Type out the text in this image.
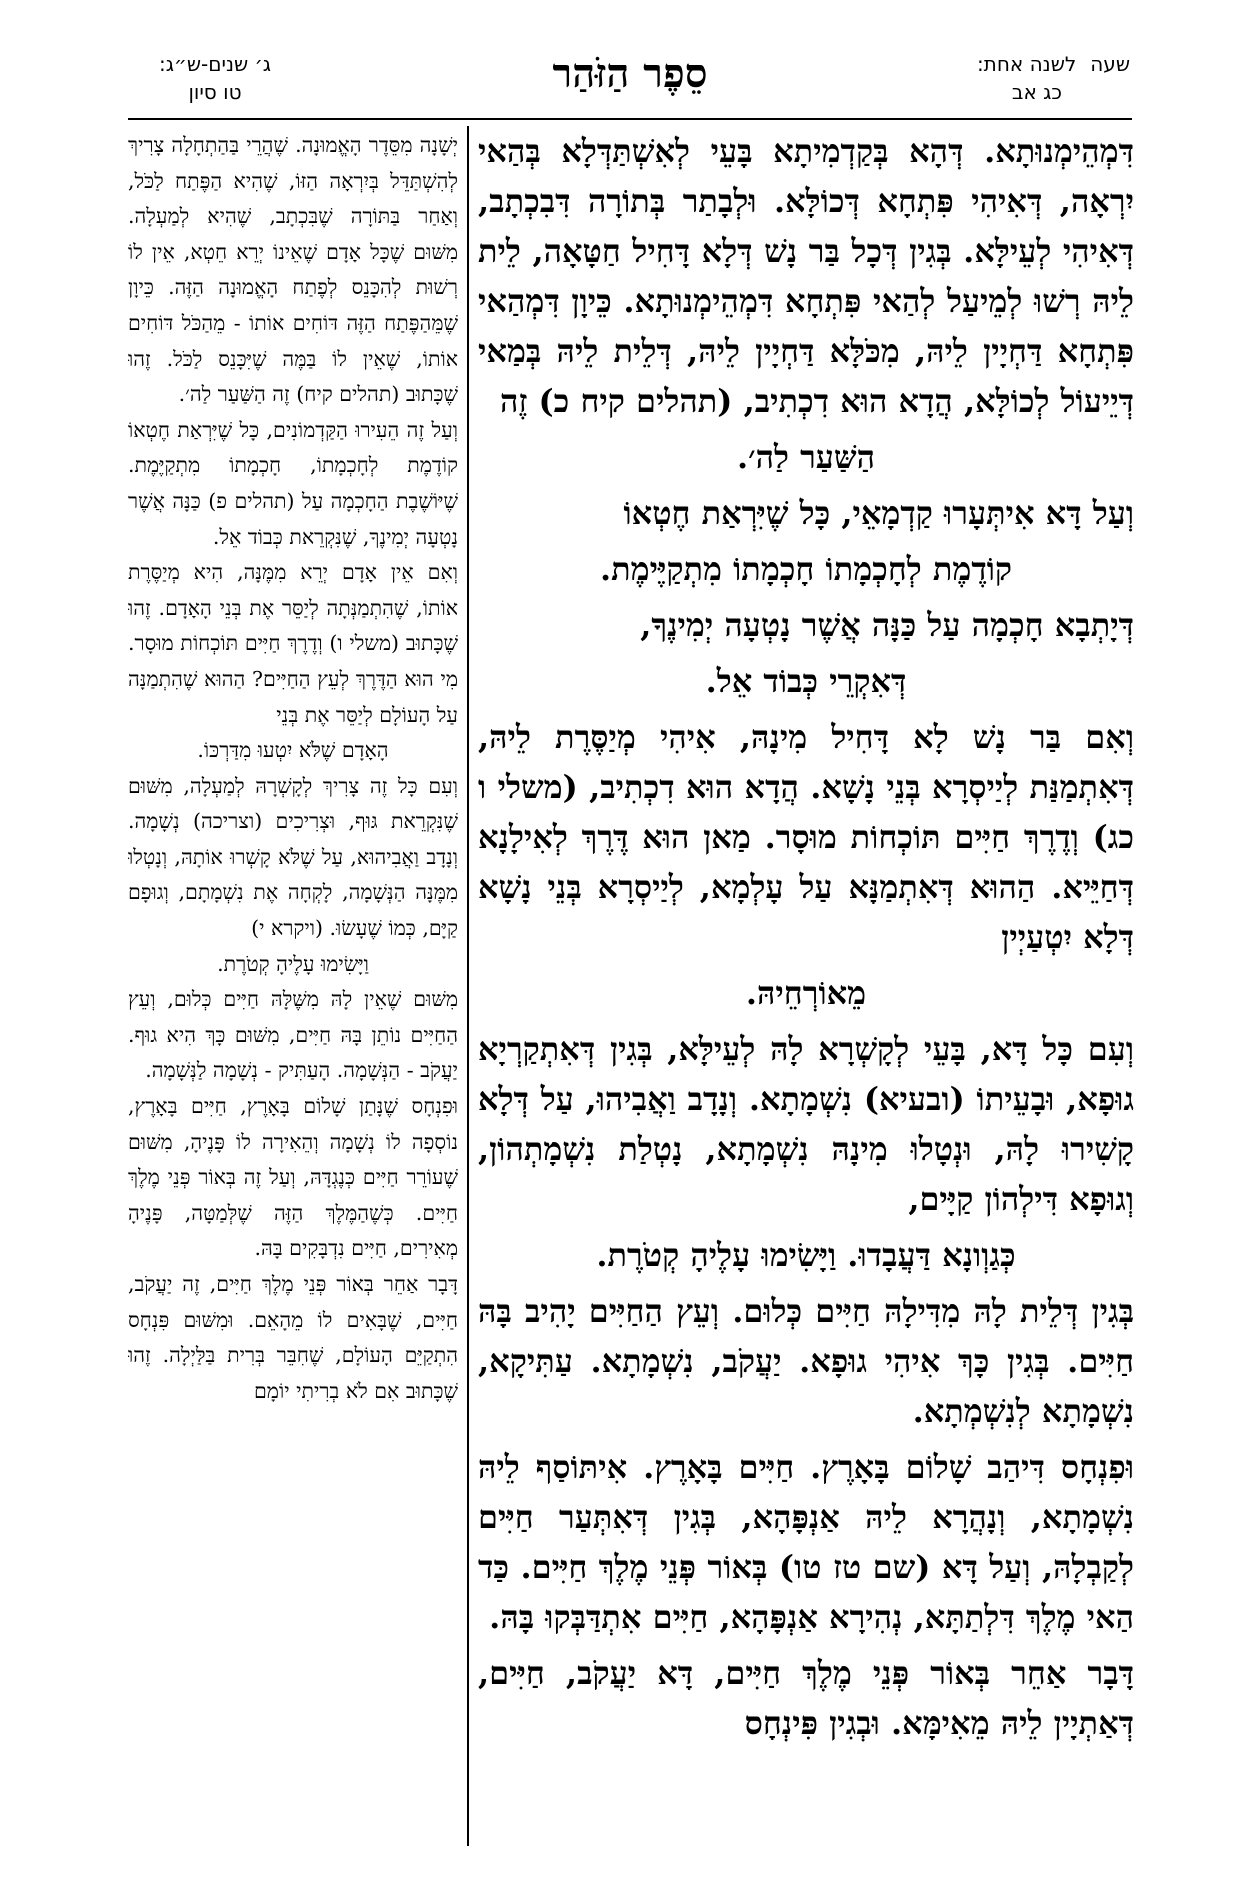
שעה
לשנה אחת:
כג אב
סֵפֶר הַזֹּהַר
ג׳ שנים-ש״ג:
טו סיון

דִּמְהֵימְנוּתָא. דְּהָא בְּקַדְמִיתָא בָּעֵי לְאִשְׁתַּדְּלָא בְּהַאי יִרְאָה, דְּאִיהִי פִּתְחָא דְּכוֹלָּא. וּלְבָתַר בְּתוֹרָה דִּבִכְתָב, דְּאִיהִי לְעֵילָּא. בְּגִין דְּכָל בַּר נָשׁ דְּלָא דָּחִיל חַטָּאָה, לֵית לֵיהּ רְשׁוּ לְמֵיעַל לְהַאי פִּתְחָא דִּמְהֵימְנוּתָא. כֵּיוָן דִּמְהַאי פִּתְחָא דַּחְיָין לֵיהּ, מִכֹּלָּא דַּחְיָין לֵיהּ, דְּלֵית לֵיהּ בְּמַאי דְּיֵיעוֹל לְכוֹלָּא, הֲדָא הוּא דִכְתִיב, (תהלים קיח כ) זֶה

הַשַּׁעַר לַה׳.

וְעַל דָּא אִיתְּעָרוּ קַדְמָאֵי, כָּל שֶׁיִּרְאַת חֶטְאוֹ

קוֹדֶמֶת לְחָכְמָתוֹ חָכְמָתוֹ מִתְקַיֶּימֶת.

דְּיָתְבָא חָכְמָה עַל כַּנָּה אֲשֶׁר נָטְעָה יְמִינֶךָ,

דְּאִקְרֵי כְּבוֹד אֵל.

וְאִם בַּר נָשׁ לָא דָּחִיל מִינָהּ, אִיהִי מְיַסֶּרֶת לֵיהּ, דְּאִתְמַנַּת לְיַיסְרָא בְּנֵי נָשָׁא. הֲדָא הוּא דִכְתִיב, (משלי ו כג) וְדֶרֶךְ חַיִּים תּוֹכְחוֹת מוּסָר. מַאן הוּא דֶּרֶךְ לְאִילָנָא דְּחַיֵּיא. הַהוּא דְּאִתְמַנָּא עַל עָלְמָא, לְיַיסְרָא בְּנֵי נָשָׁא דְּלָא יִטְעַיְין

מֵאוֹרְחֵיהּ.

וְעִם כָּל דָּא, בָּעֵי לְקָשְׁרָא לָהּ לְעֵילָּא, בְּגִין דְּאִתְקַרְיָא גוּפָא, וּבָעֵיתוֹ (ובעיא) נִשְׁמָתָא. וְנָדָב וַאֲבִיהוּ, עַל דְּלָא קָשִׁירוּ לָהּ, וּנְטָלוּ מִינָהּ נִשְׁמָתָא, נָטְלַת נִשְׁמָתְהוֹן, וְגוּפָא דִּילְהוֹן קַיָּים,

כְּגַוְונָא דַּעֲבָדוּ. וַיָּשִׂימוּ עָלֶיהָ קְטֹרֶת.

בְּגִין דְּלֵית לָהּ מִדִּילָהּ חַיִּים כְּלוּם. וְעֵץ הַחַיִּים יָהִיב בָּהּ חַיִּים. בְּגִין כָּךְ אִיהִי גוּפָא. יַעֲקֹב, נִשְׁמָתָא. עַתִּיקָא, נִשְׁמָתָא לְנִשְׁמְתָא.

וּפִנְחָס דִּיהַב שָׁלוֹם בָּאָרֶץ. חַיִּים בָּאָרֶץ. אִיתּוֹסַף לֵיהּ נִשְׁמָתָא, וְנָהֲרָא לֵיהּ אַנְפָּהָא, בְּגִין דְּאִתְּעַר חַיִּים לְקַבְלָהּ, וְעַל דָּא (שם טז טו) בְּאוֹר פְּנֵי מֶלֶךְ חַיִּים. כַּד הַאי מֶלֶךְ דִּלְתַתָּא, נְהִירָא אַנְפָּהָא, חַיִּים אִתְדַּבְּקוּ בָּהּ.

דָּבָר אַחֵר בְּאוֹר פְּנֵי מֶלֶךְ חַיִּים, דָּא יַעֲקֹב, חַיִּים, דְּאַתְיָין לֵיהּ מֵאִימָּא. וּבְגִין פִּינְחָס

יְשָׁנָה מִסֵּדֶר הָאֱמוּנָה. שֶׁהֲרֵי בַּהַתְחָלָה צָרִיךְ לְהִשְׁתַּדֵּל בְּיִרְאָה הַזּוֹ, שֶׁהִיא הַפֶּתַח לַכֹּל, וְאַחַר בַּתּוֹרָה שֶׁבִּכְתָב, שֶׁהִיא לְמַעְלָה. מִשּׁוּם שֶׁכָּל אָדָם שֶׁאֵינוֹ יְרֵא חֵטְא, אֵין לוֹ רְשׁוּת לְהִכָּנֵס לְפֶתַח הָאֱמוּנָה הַזֶּה. כֵּיוָן שֶׁמֵּהַפֶּתַח הַזֶּה דּוֹחִים אוֹתוֹ - מֵהַכֹּל דּוֹחִים אוֹתוֹ, שֶׁאֵין לוֹ בַּמֶּה שֶׁיִּכָּנֵס לַכֹּל. זֶהוּ שֶׁכָּתוּב (תהלים קיח) זֶה הַשַּׁעַר לַה׳.

וְעַל זֶה הֵעִירוּ הַקַּדְמוֹנִים, כָּל שֶׁיִּרְאַת חֶטְאוֹ קוֹדֶמֶת לְחָכְמָתוֹ, חָכְמָתוֹ מִתְקַיֶּמֶת. שֶׁיּוֹשֶׁבֶת הַחָכְמָה עַל (תהלים פ) כַּנָּה אֲשֶׁר נָטְעָה יְמִינֶךָ, שֶׁנִּקְרֵאת כְּבוֹד אֵל.

וְאִם אֵין אָדָם יְרֵא מִמֶּנָּה, הִיא מְיַסֶּרֶת אוֹתוֹ, שֶׁהִתְמַנְּתָה לְיַסֵּר אֶת בְּנֵי הָאָדָם. זֶהוּ שֶׁכָּתוּב (משלי ו) וְדֶרֶךְ חַיִּים תּוֹכְחוֹת מוּסָר. מִי הוּא הַדֶּרֶךְ לְעֵץ הַחַיִּים? הַהוּא שֶׁהִתְמַנָּה עַל הָעוֹלָם לְיַסֵּר אֶת בְּנֵי

הָאָדָם שֶׁלֹּא יִטְעוּ מִדַּרְכּוֹ.

וְעִם כָּל זֶה צָרִיךְ לְקָשְׁרָהּ לְמַעְלָה, מִשּׁוּם שֶׁנִּקְרֵאת גּוּף, וּצְרִיכִים (וצריכה) נְשָׁמָה. וְנָדָב וַאֲבִיהוּא, עַל שֶׁלֹּא קָשְׁרוּ אוֹתָהּ, וְנָטְלוּ מִמֶּנָּה הַנְּשָׁמָה, לָקְחָה אֶת נִשְׁמָתָם, וְגוּפָם קַיָּם, כְּמוֹ שֶׁעָשׂוּ. (ויקרא י)

וַיָּשִׂימוּ עָלֶיהָ קְטֹרֶת.

מִשּׁוּם שֶׁאֵין לָהּ מִשֶּׁלָּהּ חַיִּים כְּלוּם, וְעֵץ הַחַיִּים נוֹתֵן בָּהּ חַיִּים, מִשּׁוּם כָּךְ הִיא גוּף. יַעֲקֹב - הַנְּשָׁמָה. הָעַתִּיק - נְשָׁמָה לַנְּשָׁמָה.

וּפִנְחָס שֶׁנָּתַן שָׁלוֹם בָּאָרֶץ, חַיִּים בָּאָרֶץ, נוֹסְפָה לוֹ נְשָׁמָה וְהֵאִירָה לוֹ פָּנֶיהָ, מִשּׁוּם שֶׁעוֹרֵר חַיִּים כְּנֶגְדָּהּ, וְעַל זֶה בְּאוֹר פְּנֵי מֶלֶךְ חַיִּים. כְּשֶׁהַמֶּלֶךְ הַזֶּה שֶׁלְּמַטָּה, פָּנֶיהָ מְאִירִים, חַיִּים נִדְבָּקִים בָּהּ.

דָּבָר אַחֵר בְּאוֹר פְּנֵי מֶלֶךְ חַיִּים, זֶה יַעֲקֹב, חַיִּים, שֶׁבָּאִים לוֹ מֵהָאֵם. וּמִשּׁוּם פִּנְחָס הִתְקַיֵּם הָעוֹלָם, שֶׁחִבֵּר בְּרִית בַּלַּיְלָה. זֶהוּ שֶׁכָּתוּב אִם לֹא בְרִיתִי יוֹמָם
